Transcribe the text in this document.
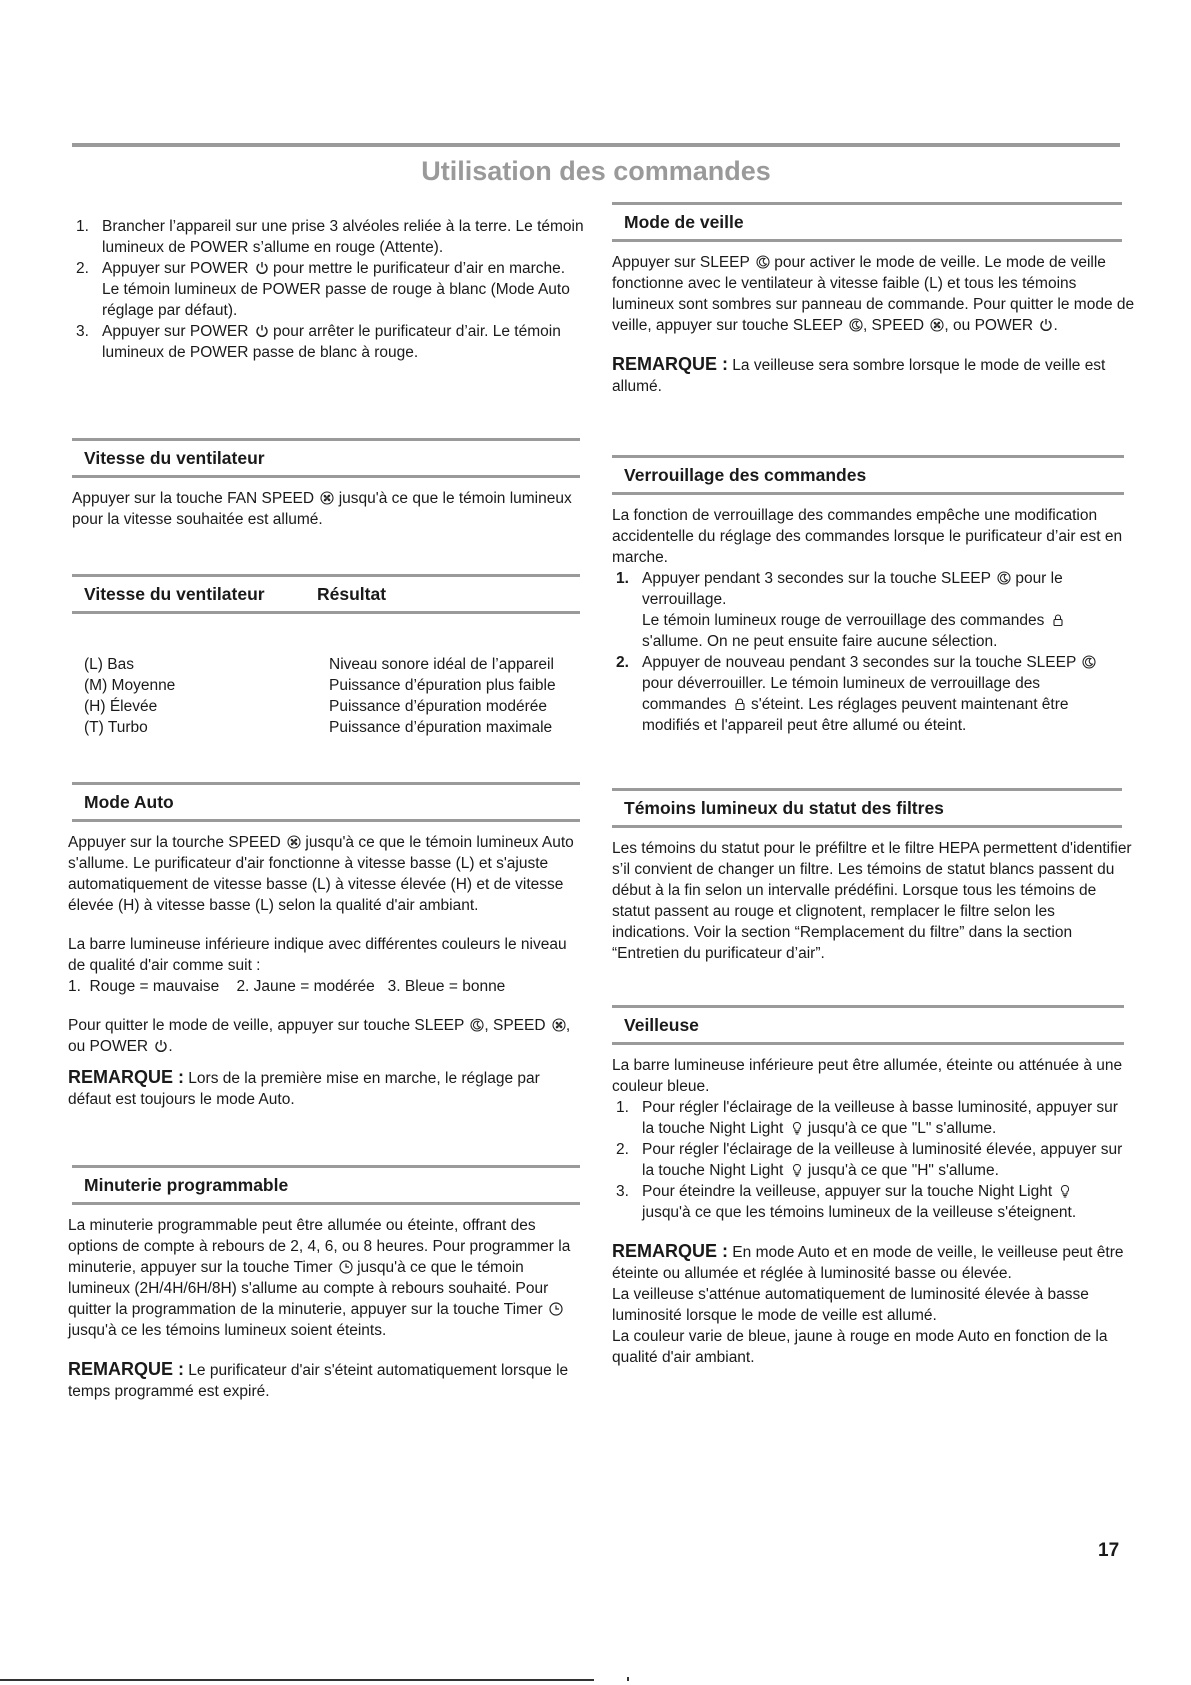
Utilisation des commandes
1. Brancher l’appareil sur une prise 3 alvéoles reliée à la terre. Le témoin lumineux de POWER s’allume en rouge (Attente).
2. Appuyer sur POWER
pour mettre le purificateur d’air en marche. Le témoin lumineux de POWER passe de rouge à blanc (Mode Auto réglage par défaut).
3. Appuyer sur POWER
pour arrêter le purificateur d’air. Le témoin lumineux de POWER passe de blanc à rouge.
Vitesse du ventilateur

Appuyer sur la touche FAN SPEED
jusqu'à ce que le témoin lumineux pour la vitesse souhaitée est allumé.

Vitesse du ventilateur	Résultat
(L) Bas	Niveau sonore idéal de l’appareil
(M) Moyenne	Puissance d’épuration plus faible
(H) Élevée	Puissance d’épuration modérée
(T) Turbo	Puissance d’épuration maximale
Mode Auto

Appuyer sur la tourche SPEED
jusqu'à ce que le témoin lumineux Auto s'allume. Le purificateur d'air fonctionne à vitesse basse (L) et s'ajuste automatiquement de vitesse basse (L) à vitesse élevée (H) et de vitesse élevée (H) à vitesse basse (L) selon la qualité d'air ambiant.

La barre lumineuse inférieure indique avec différentes couleurs le niveau de qualité d'air comme suit :

1.  Rouge = mauvaise    2. Jaune = modérée   3. Bleue = bonne

Pour quitter le mode de veille, appuyer sur touche SLEEP
, SPEED
, ou POWER
.

REMARQUE : Lors de la première mise en marche, le réglage par défaut est toujours le mode Auto.

Minuterie programmable

La minuterie programmable peut être allumée ou éteinte, offrant des options de compte à rebours de 2, 4, 6, ou 8 heures. Pour programmer la minuterie, appuyer sur la touche Timer
jusqu'à ce que le témoin lumineux (2H/4H/6H/8H) s'allume au compte à rebours souhaité. Pour quitter la programmation de la minuterie, appuyer sur la touche Timer
jusqu'à ce les témoins lumineux soient éteints.

REMARQUE : Le purificateur d'air s'éteint automatiquement lorsque le temps programmé est expiré.

Mode de veille

Appuyer sur SLEEP
pour activer le mode de veille. Le mode de veille fonctionne avec le ventilateur à vitesse faible (L) et tous les témoins lumineux sont sombres sur panneau de commande. Pour quitter le mode de veille, appuyer sur touche SLEEP
, SPEED
, ou POWER
.

REMARQUE : La veilleuse sera sombre lorsque le mode de veille est allumé.

Verrouillage des commandes

La fonction de verrouillage des commandes empêche une modification accidentelle du réglage des commandes lorsque le purificateur d’air est en marche.

1. Appuyer pendant 3 secondes sur la touche SLEEP
pour le verrouillage.
Le témoin lumineux rouge de verrouillage des commandes
s'allume. On ne peut ensuite faire aucune sélection.
2. Appuyer de nouveau pendant 3 secondes sur la touche SLEEP
pour déverrouiller. Le témoin lumineux de verrouillage des commandes
s'éteint. Les réglages peuvent maintenant être modifiés et l'appareil peut être allumé ou éteint.
Témoins lumineux du statut des filtres

Les témoins du statut pour le préfiltre et le filtre HEPA permettent d'identifier s’il convient de changer un filtre. Les témoins de statut blancs passent du début à la fin selon un intervalle prédéfini. Lorsque tous les témoins de statut passent au rouge et clignotent, remplacer le filtre selon les indications. Voir la section “Remplacement du filtre” dans la section “Entretien du purificateur d’air”.

Veilleuse

La barre lumineuse inférieure peut être allumée, éteinte ou atténuée à une couleur bleue.

1. Pour régler l'éclairage de la veilleuse à basse luminosité, appuyer sur la touche Night Light
jusqu'à ce que "L" s'allume.
2. Pour régler l'éclairage de la veilleuse à luminosité élevée, appuyer sur la touche Night Light
jusqu'à ce que "H" s'allume.
3. Pour éteindre la veilleuse, appuyer sur la touche Night Light
jusqu'à ce que les témoins lumineux de la veilleuse s'éteignent.

REMARQUE : En mode Auto et en mode de veille, le veilleuse peut être éteinte ou allumée et réglée à luminosité basse ou élevée.

La veilleuse s'atténue automatiquement de luminosité élevée à basse luminosité lorsque le mode de veille est allumé.

La couleur varie de bleue, jaune à rouge en mode Auto en fonction de la qualité d'air ambiant.

17
